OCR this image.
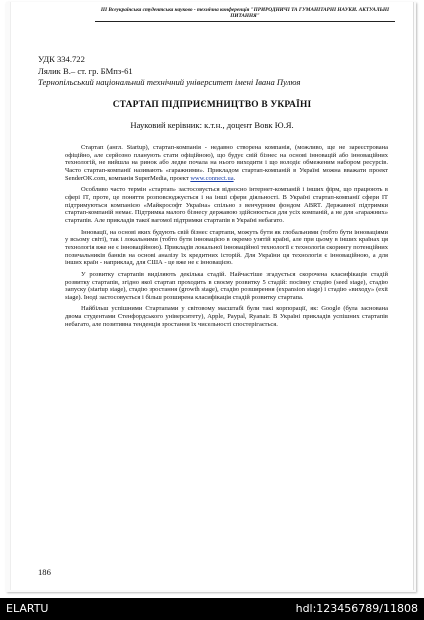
ІІІ Всеукраїнська студентська науково - технічна конференція "ПРИРОДНИЧІ ТА ГУМАНІТАРНІ НАУКИ. АКТУАЛЬНІ ПИТАННЯ"
УДК 334.722
Лялик В.– ст. гр. БМпз-61
Тернопільський національний технічний університет імені Івана Пулюя
СТАРТАП ПІДПРИЄМНИЦТВО В УКРАЇНІ
Науковий керівник: к.т.н., доцент Вовк Ю.Я.

Стартап (англ. Startup), стартап-компанія - недавно створена компанія, (можливо, ще не зареєстрована офіційно, але серйозно планують стати офіційною), що будує свій бізнес на основі інновацій або інноваційних технологій, не вийшла на ринок або ледве почала на нього виходити і що володіє обмеженим набором ресурсів. Часто стартап-компанії називають «гаражними». Прикладом стартап-компаній в Україні можна вважати проект SenderOK.com, компанія SuperMedia, проект www.connect.ua.

Особливо часто термін «стартап» застосовується відносно інтернет-компаній і інших фірм, що працюють в сфері IT, проте, це поняття розповсюджується і на інші сфери діяльності. В Україні стартап-компанії сфери IT підтримуються компанією «Майкрософт Україна» спільно з венчурним фондом ABRT. Державної підтримки стартап-компаній немає. Підтримка малого бізнесу державою здійснюється для усіх компаній, а не для «гаражних» стартапів. Але прикладів такої вагомої підтримки стартапів в Україні небагато.

Інновації, на основі яких будують свій бізнес стартапи, можуть бути як глобальними (тобто бути інноваціями у всьому світі), так і локальними (тобто бути інновацією в окремо узятій країні, але при цьому в інших країнах ця технологія вже не є інноваційною). Прикладів локальної інноваційної технології є технологія скорингу потенційних позичальників банків на основі аналізу їх кредитних історій. Для України ця технологія є інноваційною, а для інших країн - наприклад, для США - це вже не є інновацією.

У розвитку стартапів виділяють декілька стадій. Найчастіше згадується скорочена класифікація стадій розвитку стартапів, згідно якої стартап проходить в своєму розвитку 5 стадій: посівну стадію (seed stage), стадію запуску (startup stage), стадію зростання (growth stage), стадію розширення (expansion stage) і стадію «виходу» (exit stage). Іноді застосовується і більш розширена класифікація стадій розвитку стартапа.

Найбільш успішними Стартапами у світовому масштабі були такі корпорації, як: Google (була заснована двома студентами Стенфордського університету), Apple, Paypal, Ryanair. В Україні прикладів успішних стартапів небагато, але позитивна тенденція зростання їх чисельності спостерігається.

186
ELARTU	hdl:123456789/11808
